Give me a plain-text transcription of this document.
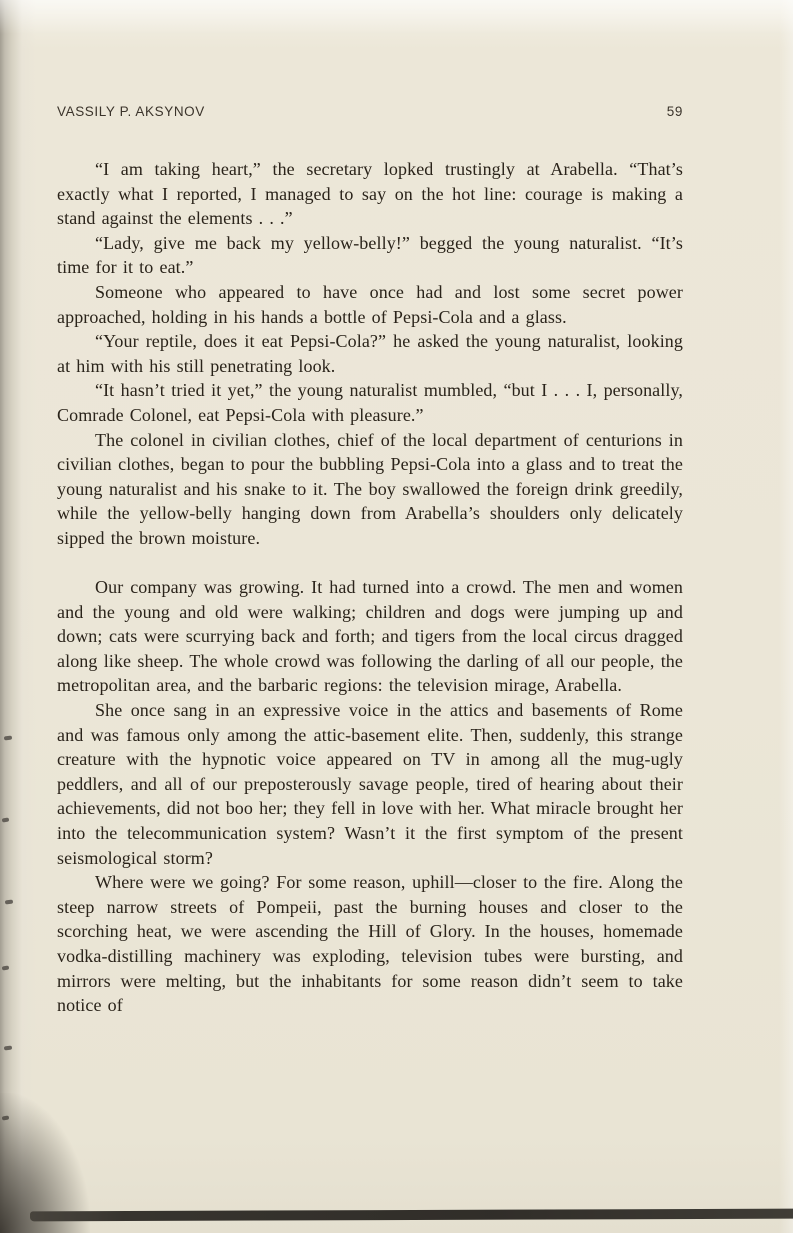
VASSILY P. AKSYNOV	59

“I am taking heart,” the secretary lopked trustingly at Arabella. “That’s exactly what I reported, I managed to say on the hot line: courage is making a stand against the elements . . .”

“Lady, give me back my yellow-belly!” begged the young naturalist. “It’s time for it to eat.”

Someone who appeared to have once had and lost some secret power approached, holding in his hands a bottle of Pepsi-Cola and a glass.

“Your reptile, does it eat Pepsi-Cola?” he asked the young naturalist, looking at him with his still penetrating look.

“It hasn’t tried it yet,” the young naturalist mumbled, “but I . . . I, personally, Comrade Colonel, eat Pepsi-Cola with pleasure.”

The colonel in civilian clothes, chief of the local department of centurions in civilian clothes, began to pour the bubbling Pepsi-Cola into a glass and to treat the young naturalist and his snake to it. The boy swallowed the foreign drink greedily, while the yellow-belly hanging down from Arabella’s shoulders only delicately sipped the brown moisture.

Our company was growing. It had turned into a crowd. The men and women and the young and old were walking; children and dogs were jumping up and down; cats were scurrying back and forth; and tigers from the local circus dragged along like sheep. The whole crowd was following the darling of all our people, the metropolitan area, and the barbaric regions: the television mirage, Arabella.

She once sang in an expressive voice in the attics and basements of Rome and was famous only among the attic-basement elite. Then, suddenly, this strange creature with the hypnotic voice appeared on TV in among all the mug-ugly peddlers, and all of our preposterously savage people, tired of hearing about their achievements, did not boo her; they fell in love with her. What miracle brought her into the telecommunication system? Wasn’t it the first symptom of the present seismological storm?

Where were we going? For some reason, uphill—closer to the fire. Along the steep narrow streets of Pompeii, past the burning houses and closer to the scorching heat, we were ascending the Hill of Glory. In the houses, homemade vodka-distilling machinery was exploding, television tubes were bursting, and mirrors were melting, but the inhabitants for some reason didn’t seem to take notice of
